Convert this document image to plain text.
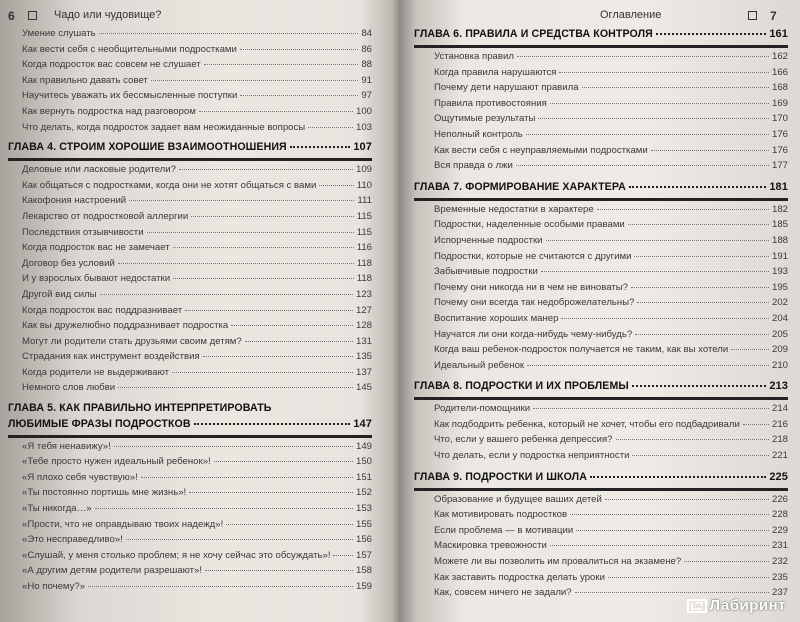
6	Чадо или чудовище?
Умение слушать	84
Как вести себя с необщительными подростками	86
Когда подросток вас совсем не слушает	88
Как правильно давать совет	91
Научитесь уважать их бессмысленные поступки	97
Как вернуть подростка над разговором	100
Что делать, когда подросток задает вам неожиданные вопросы	103
ГЛАВА 4. СТРОИМ ХОРОШИЕ ВЗАИМООТНОШЕНИЯ	107
Деловые или ласковые родители?	109
Как общаться с подростками, когда они не хотят общаться с вами	110
Какофония настроений	111
Лекарство от подростковой аллергии	115
Последствия отзывчивости	115
Когда подросток вас не замечает	116
Договор без условий	118
И у взрослых бывают недостатки	118
Другой вид силы	123
Когда подросток вас поддразнивает	127
Как вы дружелюбно поддразнивает подростка	128
Могут ли родители стать друзьями своим детям?	131
Страдания как инструмент воздействия	135
Когда родители не выдерживают	137
Немного слов любви	145
ГЛАВА 5. КАК ПРАВИЛЬНО ИНТЕРПРЕТИРОВАТЬ
ЛЮБИМЫЕ ФРАЗЫ ПОДРОСТКОВ	147
«Я тебя ненавижу»!	149
«Тебе просто нужен идеальный ребенок»!	150
«Я плохо себя чувствую»!	151
«Ты постоянно портишь мне жизнь»!	152
«Ты никогда…»	153
«Прости, что не оправдываю твоих надежд»!	155
«Это несправедливо»!	156
«Слушай, у меня столько проблем; я не хочу сейчас это обсуждать»!	157
«А другим детям родители разрешают»!	158
«Но почему?»	159
Оглавление	7
ГЛАВА 6. ПРАВИЛА И СРЕДСТВА КОНТРОЛЯ	161
Установка правил	162
Когда правила нарушаются	166
Почему дети нарушают правила	168
Правила противостояния	169
Ощутимые результаты	170
Неполный контроль	176
Как вести себя с неуправляемыми подростками	176
Вся правда о лжи	177
ГЛАВА 7. ФОРМИРОВАНИЕ ХАРАКТЕРА	181
Временные недостатки в характере	182
Подростки, наделенные особыми правами	185
Испорченные подростки	188
Подростки, которые не считаются с другими	191
Забывчивые подростки	193
Почему они никогда ни в чем не виноваты?	195
Почему они всегда так недоброжелательны?	202
Воспитание хороших манер	204
Научатся ли они когда-нибудь чему-нибудь?	205
Когда ваш ребенок-подросток получается не таким, как вы хотели	209
Идеальный ребенок	210
ГЛАВА 8. ПОДРОСТКИ И ИХ ПРОБЛЕМЫ	213
Родители-помощники	214
Как подбодрить ребенка, который не хочет, чтобы его подбадривали	216
Что, если у вашего ребенка депрессия?	218
Что делать, если у подростка неприятности	221
ГЛАВА 9. ПОДРОСТКИ И ШКОЛА	225
Образование и будущее ваших детей	226
Как мотивировать подростков	228
Если проблема — в мотивации	229
Маскировка тревожности	231
Можете ли вы позволить им провалиться на экзамене?	232
Как заставить подростка делать уроки	235
Как, совсем ничего не задали?	237
Лабиринт
